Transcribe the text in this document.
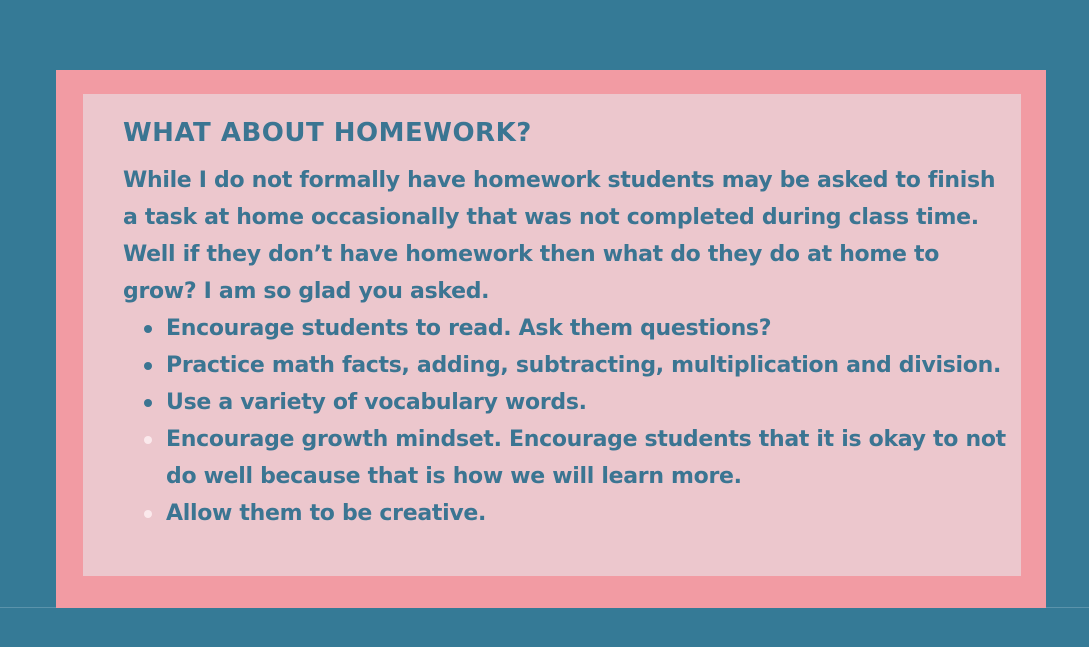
WHAT ABOUT HOMEWORK?

While I do not formally have homework students may be asked to finish a task at home occasionally that was not completed during class time.

Well if they don’t have homework then what do they do at home to grow? I am so glad you asked.

Encourage students to read. Ask them questions?
Practice math facts, adding, subtracting, multiplication and division.
Use a variety of vocabulary words.
Encourage growth mindset. Encourage students that it is okay to not do well because that is how we will learn more.
Allow them to be creative.
